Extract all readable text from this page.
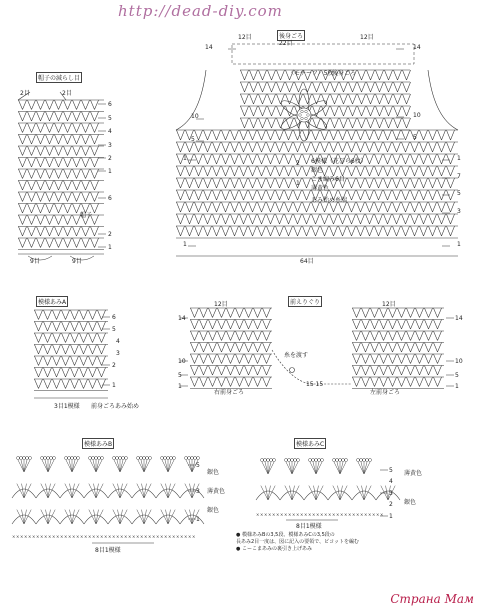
× × × × × × × × × × × × × × × × × × × × × × × × × × × × × × × × × × × × × × × × × × × × × ×
× × × × × × × × × × × × × × × × × × × × × × × × × × × × × × × ×
http://dead-diy.com
後身ごろ
22目
12目	12目
後身ごろ
〈モチーフ〉5枚
64目
2
1
6模様（花びら6枚）
銀色
こま編み6目
薄黄色
あみ始め糸端
14
10
5
1
1
14
10
5
1
7
5
3
1
帽子の減らし目
2目	2目
帽子
9目	9目
6
5
4
3
2
1
6
2
1
模様あみA
6
5
4
3
2
1
3目1模様 前身ごろあみ始め
前えりぐり
12目	12目
14
10
5
1
14
10
5
1
糸を渡す
15 15
右前身ごろ	左前身ごろ
模様あみB
銀色
薄黄色
銀色
5
3
1
8目1模様
模様あみC
5
4
3
2
1
薄黄色
銀色
8目1模様
● 模様あみBの3,5段、模様あみCの3,5段の
長あみ2目一度は、図に記入の要領で、ピコットを編む
● こーこまあみの裏引き上げあみ
Страна Мам
